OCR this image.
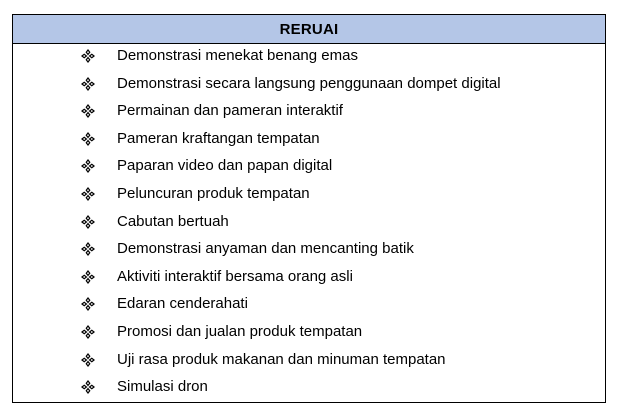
RERUAI
Demonstrasi menekat benang emas
Demonstrasi secara langsung penggunaan dompet digital
Permainan dan pameran interaktif
Pameran kraftangan tempatan
Paparan video dan papan digital
Peluncuran produk tempatan
Cabutan bertuah
Demonstrasi anyaman dan mencanting batik
Aktiviti interaktif bersama orang asli
Edaran cenderahati
Promosi dan jualan produk tempatan
Uji rasa produk makanan dan minuman tempatan
Simulasi dron
